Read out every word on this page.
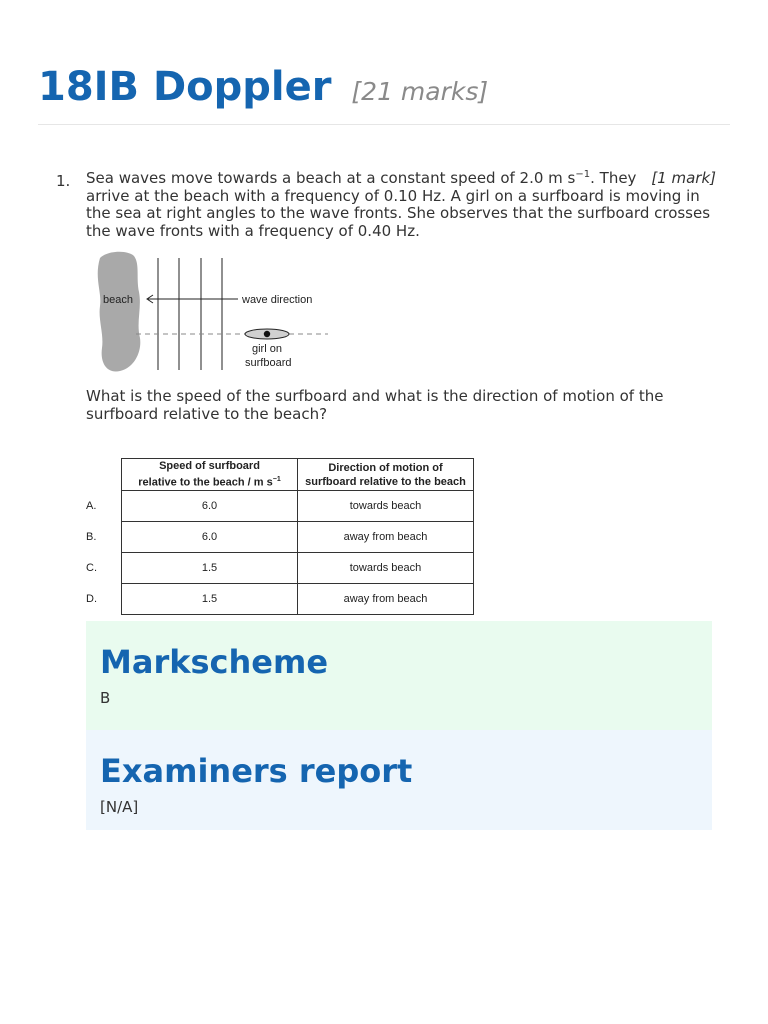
18IB Doppler [21 marks]
1.	[1 mark]
Sea waves move towards a beach at a constant speed of 2.0 m $s^{-1}$. They arrive at the beach with a frequency of 0.10 Hz. A girl on a surfboard is moving in the sea at right angles to the wave fronts. She observes that the surfboard crosses the wave fronts with a frequency of 0.40 Hz.
beach	wave direction
girl on
surfboard
What is the speed of the surfboard and what is the direction of motion of the surfboard relative to the beach?
	Speed of surfboard
relative to the beach / m $s^{-1}$	Direction of motion of
surfboard relative to the beach
A.	6.0	towards beach
B.	6.0	away from beach
C.	1.5	towards beach
D.	1.5	away from beach
Markscheme
B
Examiners report
[N/A]
